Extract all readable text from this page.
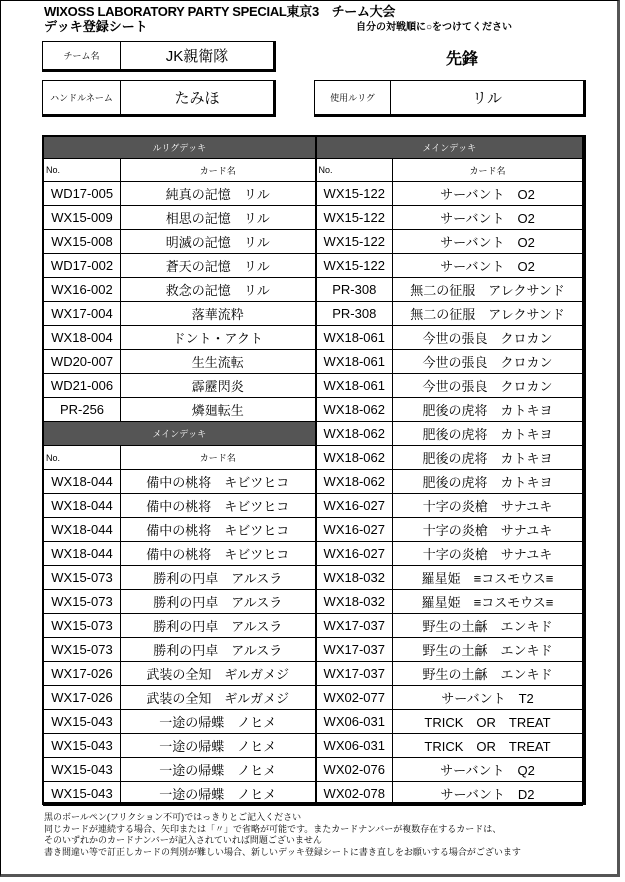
WIXOSS LABORATORY PARTY SPECIAL東京3　チーム大会
デッキ登録シート	自分の対戦順に○をつけてください
チーム名	JK親衛隊	先鋒
ハンドルネーム	たみほ	使用ルリグ	リル
ルリグデッキ		メインデッキ	
No.	カード名	No.	カード名
WD17-005	純真の記憶　リル	WX15-122	サーバント　O2
WX15-009	相思の記憶　リル	WX15-122	サーバント　O2
WX15-008	明滅の記憶　リル	WX15-122	サーバント　O2
WD17-002	蒼天の記憶　リル	WX15-122	サーバント　O2
WX16-002	救念の記憶　リル	PR-308	無二の征服　アレクサンド
WX17-004	落華流粋	PR-308	無二の征服　アレクサンド
WX18-004	ドント・アクト	WX18-061	今世の張良　クロカン
WD20-007	生生流転	WX18-061	今世の張良　クロカン
WD21-006	霹靂閃炎	WX18-061	今世の張良　クロカン
PR-256	燐廻転生	WX18-062	肥後の虎将　カトキヨ
メインデッキ		WX18-062	肥後の虎将　カトキヨ
No.	カード名	WX18-062	肥後の虎将　カトキヨ
WX18-044	備中の桃将　キビツヒコ	WX18-062	肥後の虎将　カトキヨ
WX18-044	備中の桃将　キビツヒコ	WX16-027	十字の炎槍　サナユキ
WX18-044	備中の桃将　キビツヒコ	WX16-027	十字の炎槍　サナユキ
WX18-044	備中の桃将　キビツヒコ	WX16-027	十字の炎槍　サナユキ
WX15-073	勝利の円卓　アルスラ	WX18-032	羅星姫　≡コスモウス≡
WX15-073	勝利の円卓　アルスラ	WX18-032	羅星姫　≡コスモウス≡
WX15-073	勝利の円卓　アルスラ	WX17-037	野生の土龢　エンキド
WX15-073	勝利の円卓　アルスラ	WX17-037	野生の土龢　エンキド
WX17-026	武装の全知　ギルガメジ	WX17-037	野生の土龢　エンキド
WX17-026	武装の全知　ギルガメジ	WX02-077	サーバント　T2
WX15-043	一途の帰蝶　ノヒメ	WX06-031	TRICK　OR　TREAT
WX15-043	一途の帰蝶　ノヒメ	WX06-031	TRICK　OR　TREAT
WX15-043	一途の帰蝶　ノヒメ	WX02-076	サーバント　Q2
WX15-043	一途の帰蝶　ノヒメ	WX02-078	サーバント　D2
黒のボールペン(フリクション不可)ではっきりとご記入ください
同じカードが連続する場合、矢印または「〃」で省略が可能です。またカードナンバーが複数存在するカードは、
そのいずれかのカードナンバーが記入されていれば問題ございません
書き間違い等で訂正しカードの判別が難しい場合、新しいデッキ登録シートに書き直しをお願いする場合がございます
